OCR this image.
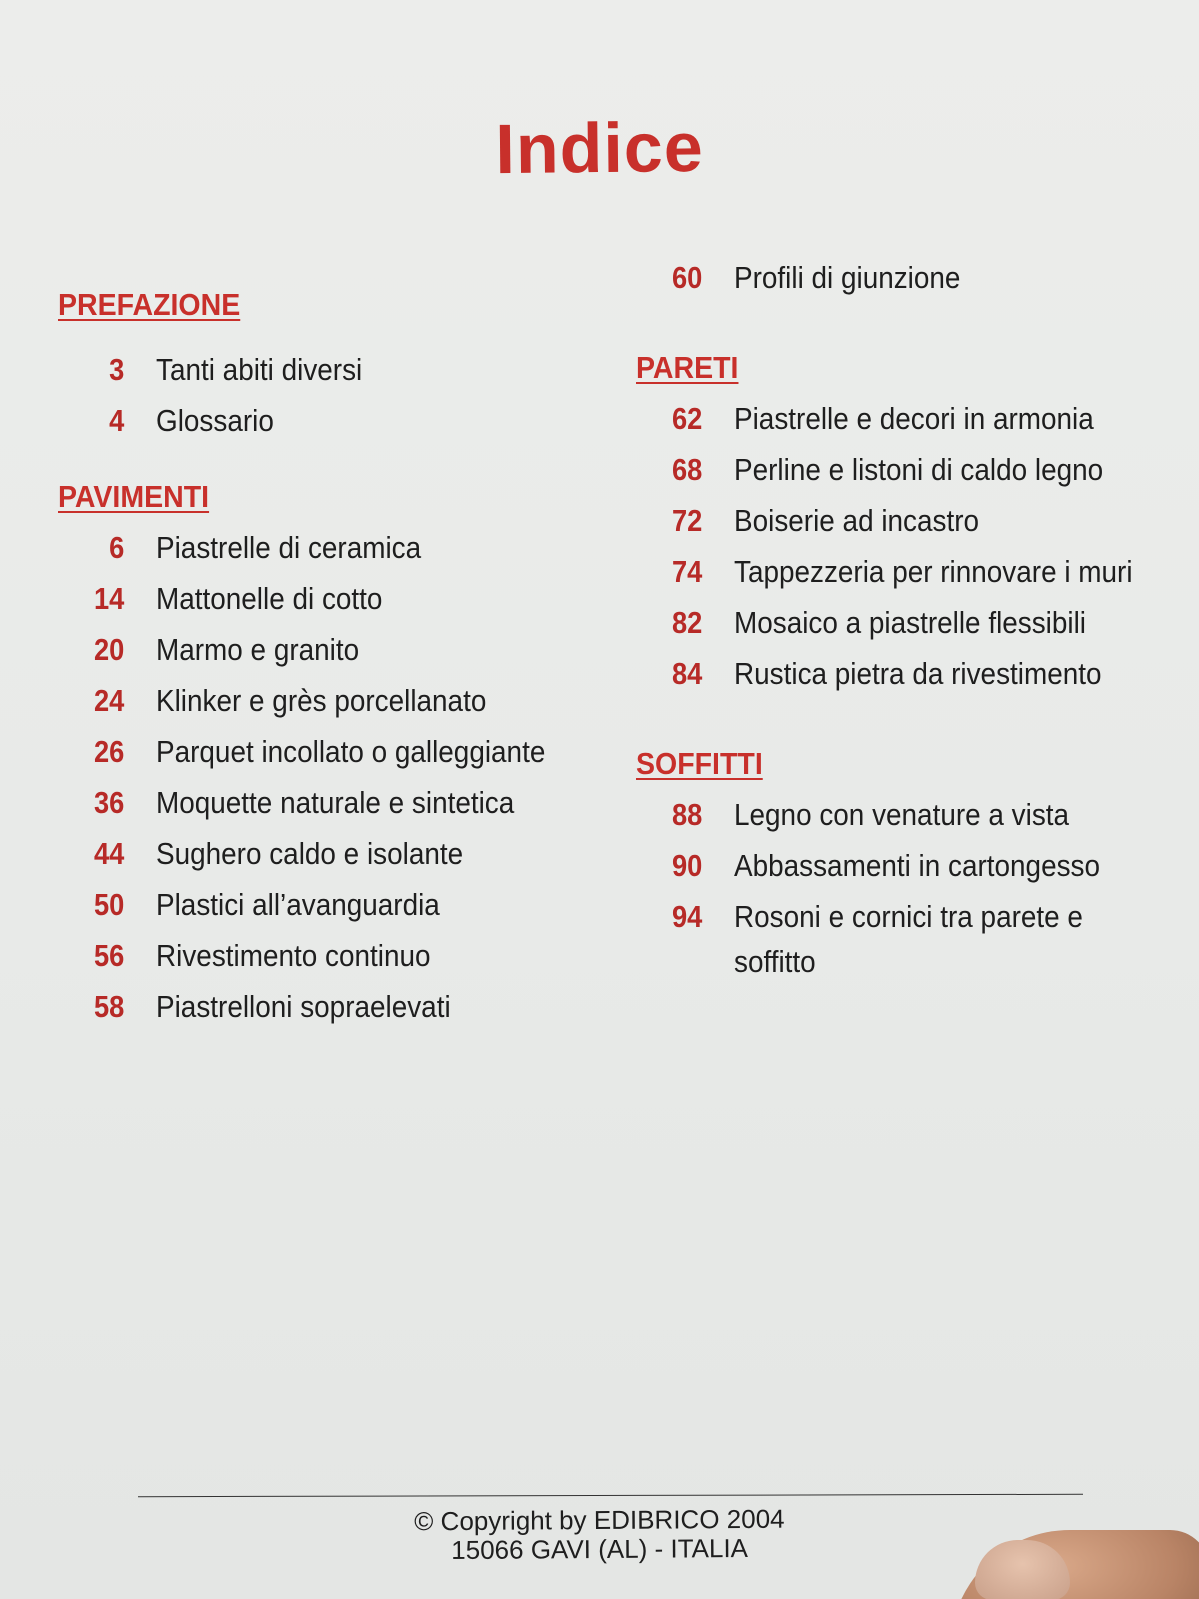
Indice
PREFAZIONE
3	Tanti abiti diversi
4	Glossario
PAVIMENTI
6	Piastrelle di ceramica
14	Mattonelle di cotto
20	Marmo e granito
24	Klinker e grès porcellanato
26	Parquet incollato o galleggiante
36	Moquette naturale e sintetica
44	Sughero caldo e isolante
50	Plastici all’avanguardia
56	Rivestimento continuo
58	Piastrelloni sopraelevati
60	Profili di giunzione
PARETI
62	Piastrelle e decori in armonia
68	Perline e listoni di caldo legno
72	Boiserie ad incastro
74	Tappezzeria per rinnovare i muri
82	Mosaico a piastrelle flessibili
84	Rustica pietra da rivestimento
SOFFITTI
88	Legno con venature a vista
90	Abbassamenti in cartongesso
94	Rosoni e cornici tra parete e soffitto
© Copyright by EDIBRICO 2004
15066 GAVI (AL) - ITALIA
